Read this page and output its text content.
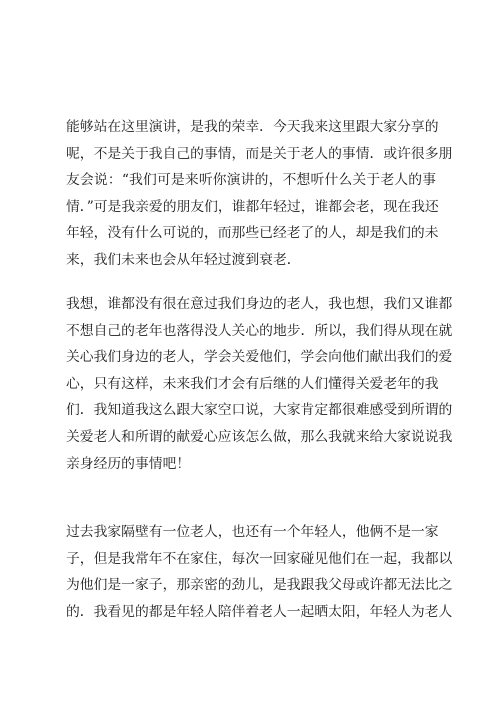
能够站在这里演讲，是我的荣幸．今天我来这里跟大家分享的
呢，不是关于我自己的事情，而是关于老人的事情．或许很多朋
友会说：“我们可是来听你演讲的，不想听什么关于老人的事
情．”可是我亲爱的朋友们，谁都年轻过，谁都会老，现在我还
年轻，没有什么可说的，而那些已经老了的人，却是我们的未
来，我们未来也会从年轻过渡到衰老．
我想，谁都没有很在意过我们身边的老人，我也想，我们又谁都
不想自己的老年也落得没人关心的地步．所以，我们得从现在就
关心我们身边的老人，学会关爱他们，学会向他们献出我们的爱
心，只有这样，未来我们才会有后继的人们懂得关爱老年的我
们．我知道我这么跟大家空口说，大家肯定都很难感受到所谓的
关爱老人和所谓的献爱心应该怎么做，那么我就来给大家说说我
亲身经历的事情吧！
过去我家隔壁有一位老人，也还有一个年轻人，他俩不是一家
子，但是我常年不在家住，每次一回家碰见他们在一起，我都以
为他们是一家子，那亲密的劲儿，是我跟我父母或许都无法比之
的．我看见的都是年轻人陪伴着老人一起晒太阳，年轻人为老人
